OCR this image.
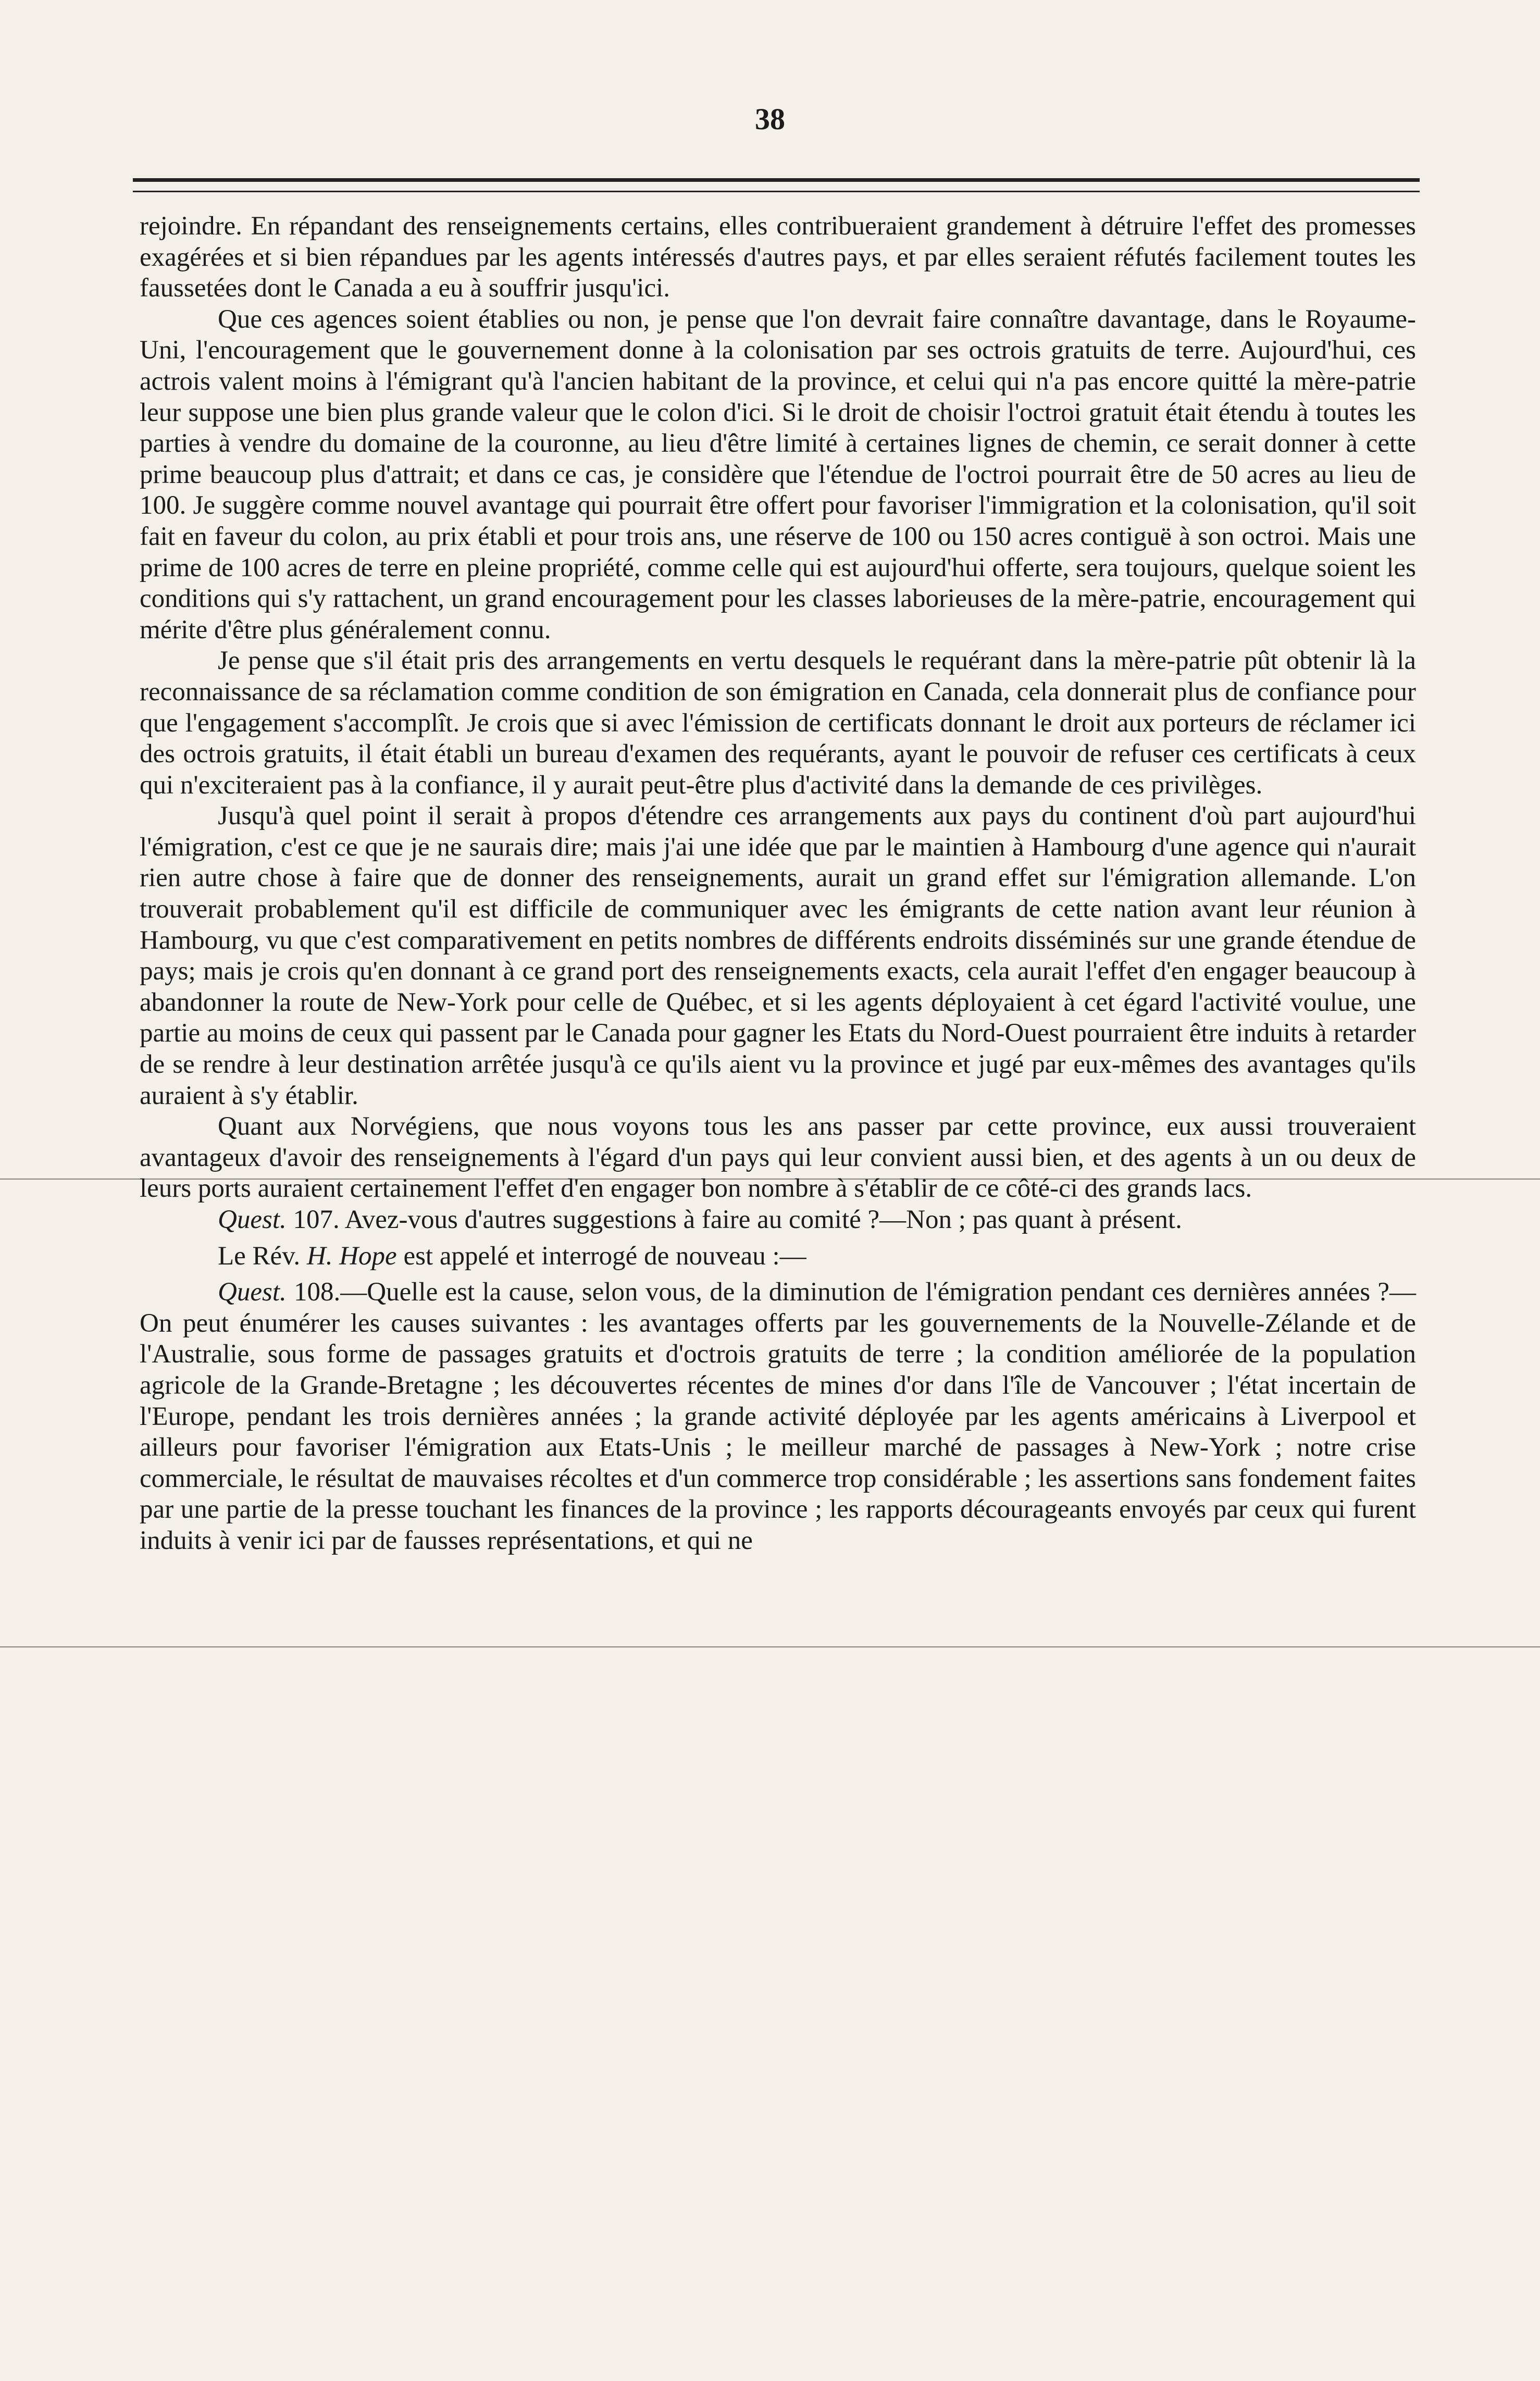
38

rejoindre. En répandant des renseignements certains, elles contribueraient grandement à détruire l'effet des promesses exagérées et si bien répandues par les agents intéressés d'autres pays, et par elles seraient réfutés facilement toutes les faussetées dont le Canada a eu à souffrir jusqu'ici.

Que ces agences soient établies ou non, je pense que l'on devrait faire connaître davantage, dans le Royaume-Uni, l'encouragement que le gouvernement donne à la colonisation par ses octrois gratuits de terre. Aujourd'hui, ces actrois valent moins à l'émigrant qu'à l'ancien habitant de la province, et celui qui n'a pas encore quitté la mère-patrie leur suppose une bien plus grande valeur que le colon d'ici. Si le droit de choisir l'octroi gratuit était étendu à toutes les parties à vendre du domaine de la couronne, au lieu d'être limité à certaines lignes de chemin, ce serait donner à cette prime beaucoup plus d'attrait; et dans ce cas, je considère que l'étendue de l'octroi pourrait être de 50 acres au lieu de 100. Je suggère comme nouvel avantage qui pourrait être offert pour favoriser l'immigration et la colonisation, qu'il soit fait en faveur du colon, au prix établi et pour trois ans, une réserve de 100 ou 150 acres contiguë à son octroi. Mais une prime de 100 acres de terre en pleine propriété, comme celle qui est aujourd'hui offerte, sera toujours, quelque soient les conditions qui s'y rattachent, un grand encouragement pour les classes laborieuses de la mère-patrie, encouragement qui mérite d'être plus généralement connu.

Je pense que s'il était pris des arrangements en vertu desquels le requérant dans la mère-patrie pût obtenir là la reconnaissance de sa réclamation comme condition de son émigration en Canada, cela donnerait plus de confiance pour que l'engagement s'accomplît. Je crois que si avec l'émission de certificats donnant le droit aux porteurs de réclamer ici des octrois gratuits, il était établi un bureau d'examen des requérants, ayant le pouvoir de refuser ces certificats à ceux qui n'exciteraient pas à la confiance, il y aurait peut-être plus d'activité dans la demande de ces privilèges.

Jusqu'à quel point il serait à propos d'étendre ces arrangements aux pays du continent d'où part aujourd'hui l'émigration, c'est ce que je ne saurais dire; mais j'ai une idée que par le maintien à Hambourg d'une agence qui n'aurait rien autre chose à faire que de donner des renseignements, aurait un grand effet sur l'émigration allemande. L'on trouverait probablement qu'il est difficile de communiquer avec les émigrants de cette nation avant leur réunion à Hambourg, vu que c'est comparativement en petits nombres de différents endroits disséminés sur une grande étendue de pays; mais je crois qu'en donnant à ce grand port des renseignements exacts, cela aurait l'effet d'en engager beaucoup à abandonner la route de New-York pour celle de Québec, et si les agents déployaient à cet égard l'activité voulue, une partie au moins de ceux qui passent par le Canada pour gagner les Etats du Nord-Ouest pourraient être induits à retarder de se rendre à leur destination arrêtée jusqu'à ce qu'ils aient vu la province et jugé par eux-mêmes des avantages qu'ils auraient à s'y établir.

Quant aux Norvégiens, que nous voyons tous les ans passer par cette province, eux aussi trouveraient avantageux d'avoir des renseignements à l'égard d'un pays qui leur convient aussi bien, et des agents à un ou deux de leurs ports auraient certainement l'effet d'en engager bon nombre à s'établir de ce côté-ci des grands lacs.

Quest. 107. Avez-vous d'autres suggestions à faire au comité ?—Non ; pas quant à présent.

Le Rév. H. Hope est appelé et interrogé de nouveau :—

Quest. 108.—Quelle est la cause, selon vous, de la diminution de l'émigration pendant ces dernières années ?—On peut énumérer les causes suivantes : les avantages offerts par les gouvernements de la Nouvelle-Zélande et de l'Australie, sous forme de passages gratuits et d'octrois gratuits de terre ; la condition améliorée de la population agricole de la Grande-Bretagne ; les découvertes récentes de mines d'or dans l'île de Vancouver ; l'état incertain de l'Europe, pendant les trois dernières années ; la grande activité déployée par les agents américains à Liverpool et ailleurs pour favoriser l'émigration aux Etats-Unis ; le meilleur marché de passages à New-York ; notre crise commerciale, le résultat de mauvaises récoltes et d'un commerce trop considérable ; les assertions sans fondement faites par une partie de la presse touchant les finances de la province ; les rapports décourageants envoyés par ceux qui furent induits à venir ici par de fausses représentations, et qui ne
